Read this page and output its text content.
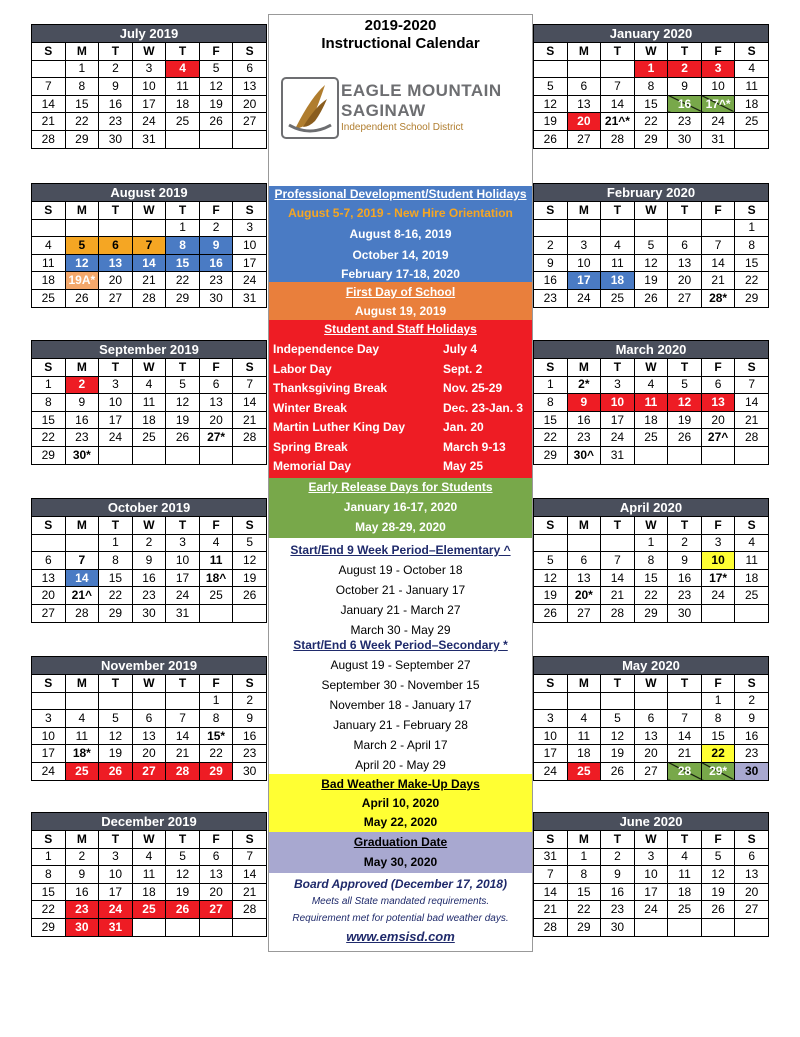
July 2019						
S	M	T	W	T	F	S
	1	2	3	4	5	6
7	8	9	10	11	12	13
14	15	16	17	18	19	20
21	22	23	24	25	26	27
28	29	30	31			
August 2019						
S	M	T	W	T	F	S
				1	2	3
4	5	6	7	8	9	10
11	12	13	14	15	16	17
18	19A*	20	21	22	23	24
25	26	27	28	29	30	31
September 2019						
S	M	T	W	T	F	S
1	2	3	4	5	6	7
8	9	10	11	12	13	14
15	16	17	18	19	20	21
22	23	24	25	26	27*	28
29	30*					
October 2019						
S	M	T	W	T	F	S
		1	2	3	4	5
6	7	8	9	10	11	12
13	14	15	16	17	18^	19
20	21^	22	23	24	25	26
27	28	29	30	31		
November 2019						
S	M	T	W	T	F	S
					1	2
3	4	5	6	7	8	9
10	11	12	13	14	15*	16
17	18*	19	20	21	22	23
24	25	26	27	28	29	30
December 2019						
S	M	T	W	T	F	S
1	2	3	4	5	6	7
8	9	10	11	12	13	14
15	16	17	18	19	20	21
22	23	24	25	26	27	28
29	30	31				
January 2020						
S	M	T	W	T	F	S
			1	2	3	4
5	6	7	8	9	10	11
12	13	14	15	16	17^*	18
19	20	21^*	22	23	24	25
26	27	28	29	30	31	
February 2020						
S	M	T	W	T	F	S
						1
2	3	4	5	6	7	8
9	10	11	12	13	14	15
16	17	18	19	20	21	22
23	24	25	26	27	28*	29
March 2020						
S	M	T	W	T	F	S
1	2*	3	4	5	6	7
8	9	10	11	12	13	14
15	16	17	18	19	20	21
22	23	24	25	26	27^	28
29	30^	31				
April 2020						
S	M	T	W	T	F	S
			1	2	3	4
5	6	7	8	9	10	11
12	13	14	15	16	17*	18
19	20*	21	22	23	24	25
26	27	28	29	30		
May 2020						
S	M	T	W	T	F	S
					1	2
3	4	5	6	7	8	9
10	11	12	13	14	15	16
17	18	19	20	21	22	23
24	25	26	27	28	29*	30
June 2020						
S	M	T	W	T	F	S
31	1	2	3	4	5	6
7	8	9	10	11	12	13
14	15	16	17	18	19	20
21	22	23	24	25	26	27
28	29	30				
2019-2020
Instructional Calendar
EAGLE MOUNTAIN
SAGINAW
Independent School District
Professional Development/Student Holidays
August 5-7, 2019 - New Hire Orientation
August 8-16, 2019
October 14, 2019
February 17-18, 2020
First Day of School
August 19, 2019
Student and Staff Holidays
Independence Day	July 4
Labor Day	Sept. 2
Thanksgiving Break	Nov. 25-29
Winter Break	Dec. 23-Jan. 3
Martin Luther King Day	Jan. 20
Spring Break	March 9-13
Memorial Day	May 25
Early Release Days for Students
January 16-17, 2020
May 28-29, 2020
Start/End 9 Week Period–Elementary ^
August 19 - October 18
October 21 - January 17
January 21 - March 27
March 30 - May 29
Start/End 6 Week Period–Secondary *
August 19 - September 27
September 30 - November 15
November 18 - January 17
January 21 - February 28
March 2 - April 17
April 20 - May 29
Bad Weather Make-Up Days
April 10, 2020
May 22, 2020
Graduation Date
May 30, 2020
Board Approved (December 17, 2018)
Meets all State mandated requirements.
Requirement met for potential bad weather days.
www.emsisd.com
